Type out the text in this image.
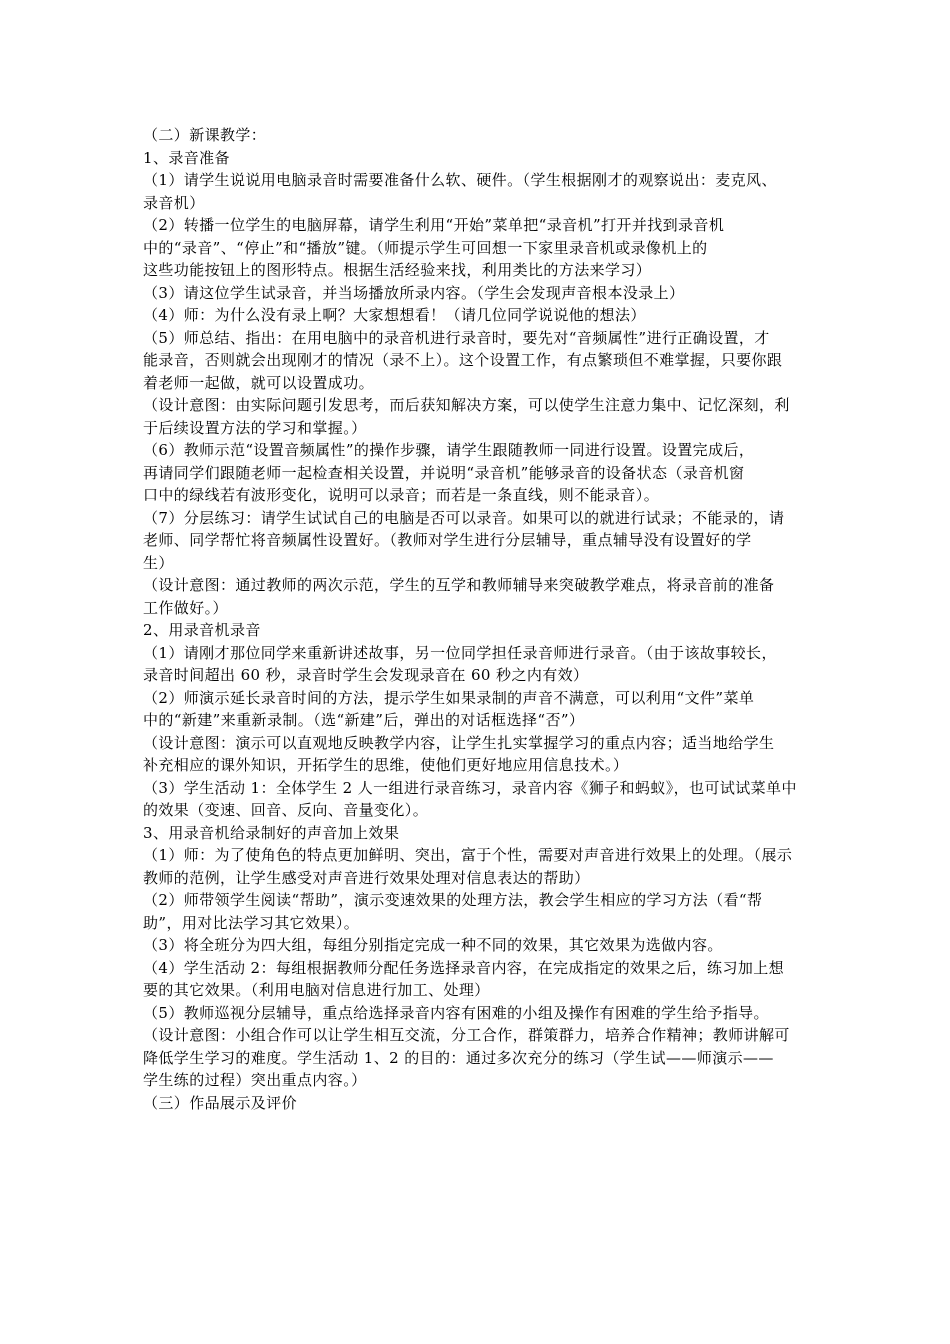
（二）新课教学：
1、录音准备
（1）请学生说说用电脑录音时需要准备什么软、硬件。（学生根据刚才的观察说出：麦克风、
录音机）
（2）转播一位学生的电脑屏幕，请学生利用“开始”菜单把“录音机”打开并找到录音机
中的“录音”、“停止”和“播放”键。（师提示学生可回想一下家里录音机或录像机上的
这些功能按钮上的图形特点。根据生活经验来找，利用类比的方法来学习）
（3）请这位学生试录音，并当场播放所录内容。（学生会发现声音根本没录上）
（4）师：为什么没有录上啊？大家想想看！（请几位同学说说他的想法）
（5）师总结、指出：在用电脑中的录音机进行录音时，要先对“音频属性”进行正确设置，才
能录音，否则就会出现刚才的情况（录不上）。这个设置工作，有点繁琐但不难掌握，只要你跟
着老师一起做，就可以设置成功。
（设计意图：由实际问题引发思考，而后获知解决方案，可以使学生注意力集中、记忆深刻，利
于后续设置方法的学习和掌握。）
（6）教师示范“设置音频属性”的操作步骤，请学生跟随教师一同进行设置。设置完成后，
再请同学们跟随老师一起检查相关设置，并说明“录音机”能够录音的设备状态（录音机窗
口中的绿线若有波形变化，说明可以录音；而若是一条直线，则不能录音）。
（7）分层练习：请学生试试自己的电脑是否可以录音。如果可以的就进行试录；不能录的，请
老师、同学帮忙将音频属性设置好。（教师对学生进行分层辅导，重点辅导没有设置好的学
生）
（设计意图：通过教师的两次示范，学生的互学和教师辅导来突破教学难点，将录音前的准备
工作做好。）
2、用录音机录音
（1）请刚才那位同学来重新讲述故事，另一位同学担任录音师进行录音。（由于该故事较长，
录音时间超出 60 秒，录音时学生会发现录音在 60 秒之内有效）
（2）师演示延长录音时间的方法，提示学生如果录制的声音不满意，可以利用“文件”菜单
中的“新建”来重新录制。（选“新建”后，弹出的对话框选择“否”）
（设计意图：演示可以直观地反映教学内容，让学生扎实掌握学习的重点内容；适当地给学生
补充相应的课外知识，开拓学生的思维，使他们更好地应用信息技术。）
（3）学生活动 1：全体学生 2 人一组进行录音练习，录音内容《狮子和蚂蚁》，也可试试菜单中
的效果（变速、回音、反向、音量变化）。
3、用录音机给录制好的声音加上效果
（1）师：为了使角色的特点更加鲜明、突出，富于个性，需要对声音进行效果上的处理。（展示
教师的范例，让学生感受对声音进行效果处理对信息表达的帮助）
（2）师带领学生阅读“帮助”，演示变速效果的处理方法，教会学生相应的学习方法（看“帮
助”，用对比法学习其它效果）。
（3）将全班分为四大组，每组分别指定完成一种不同的效果，其它效果为选做内容。
（4）学生活动 2：每组根据教师分配任务选择录音内容，在完成指定的效果之后，练习加上想
要的其它效果。（利用电脑对信息进行加工、处理）
（5）教师巡视分层辅导，重点给选择录音内容有困难的小组及操作有困难的学生给予指导。
（设计意图：小组合作可以让学生相互交流，分工合作，群策群力，培养合作精神；教师讲解可
降低学生学习的难度。学生活动 1、2 的目的：通过多次充分的练习（学生试——师演示——
学生练的过程）突出重点内容。）
（三）作品展示及评价
